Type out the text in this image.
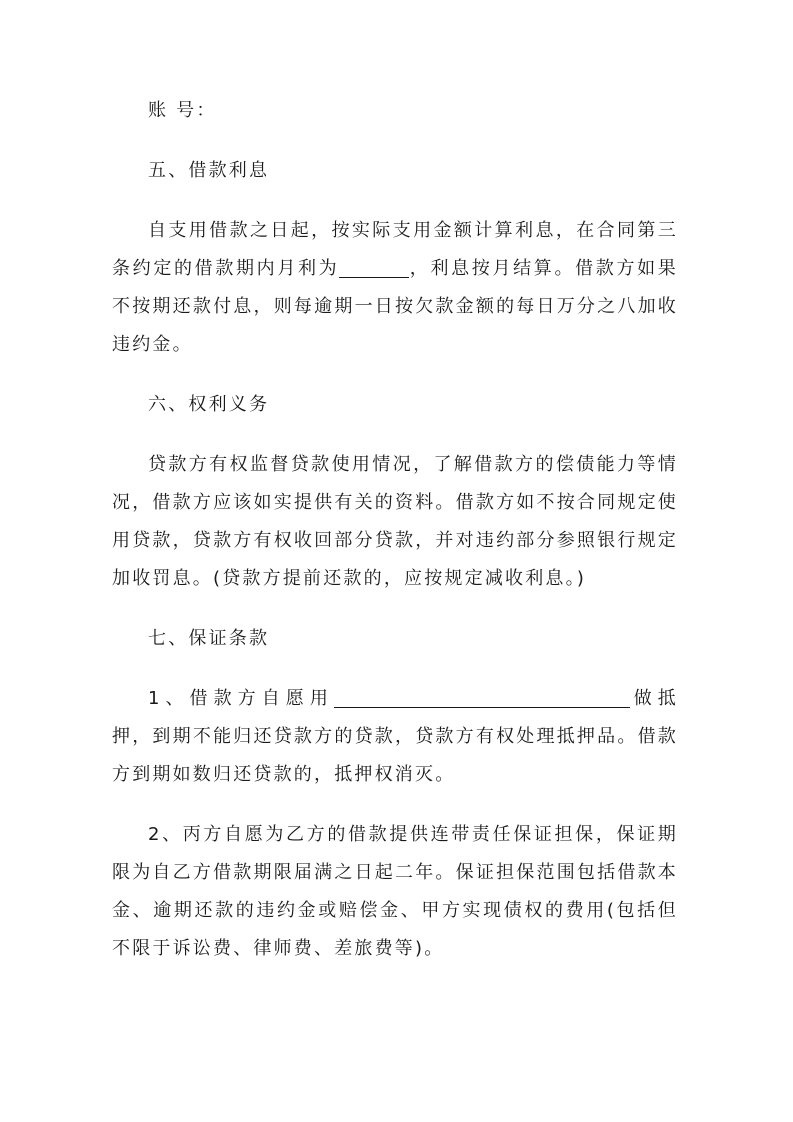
账 号：

五、借款利息

自支用借款之日起，按实际支用金额计算利息，在合同第三条约定的借款期内月利为	，利息按月结算。借款方如果不按期还款付息，则每逾期一日按欠款金额的每日万分之八加收违约金。

六、权利义务

贷款方有权监督贷款使用情况，了解借款方的偿债能力等情况，借款方应该如实提供有关的资料。借款方如不按合同规定使用贷款，贷款方有权收回部分贷款，并对违约部分参照银行规定加收罚息。(贷款方提前还款的，应按规定减收利息。)

七、保证条款

1、借款方自愿用	做抵押，到期不能归还贷款方的贷款，贷款方有权处理抵押品。借款方到期如数归还贷款的，抵押权消灭。

2、丙方自愿为乙方的借款提供连带责任保证担保，保证期限为自乙方借款期限届满之日起二年。保证担保范围包括借款本金、逾期还款的违约金或赔偿金、甲方实现债权的费用(包括但不限于诉讼费、律师费、差旅费等)。
